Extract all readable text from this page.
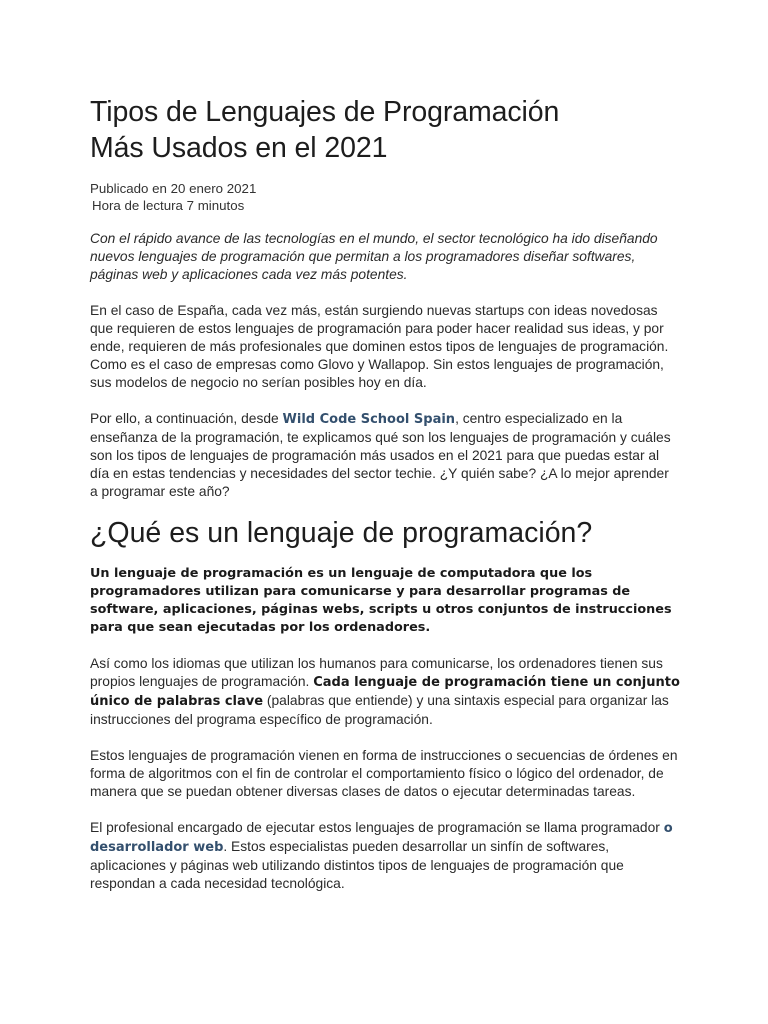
Tipos de Lenguajes de Programación
Más Usados en el 2021
Publicado en 20 enero 2021
Hora de lectura 7 minutos

Con el rápido avance de las tecnologías en el mundo, el sector tecnológico ha ido diseñando nuevos lenguajes de programación que permitan a los programadores diseñar softwares, páginas web y aplicaciones cada vez más potentes.

En el caso de España, cada vez más, están surgiendo nuevas startups con ideas novedosas que requieren de estos lenguajes de programación para poder hacer realidad sus ideas, y por ende, requieren de más profesionales que dominen estos tipos de lenguajes de programación. Como es el caso de empresas como Glovo y Wallapop. Sin estos lenguajes de programación, sus modelos de negocio no serían posibles hoy en día.

Por ello, a continuación, desde Wild Code School Spain, centro especializado en la enseñanza de la programación, te explicamos qué son los lenguajes de programación y cuáles son los tipos de lenguajes de programación más usados en el 2021 para que puedas estar al día en estas tendencias y necesidades del sector techie. ¿Y quién sabe? ¿A lo mejor aprender a programar este año?

¿Qué es un lenguaje de programación?

Un lenguaje de programación es un lenguaje de computadora que los programadores utilizan para comunicarse y para desarrollar programas de software, aplicaciones, páginas webs, scripts u otros conjuntos de instrucciones para que sean ejecutadas por los ordenadores.

Así como los idiomas que utilizan los humanos para comunicarse, los ordenadores tienen sus propios lenguajes de programación. Cada lenguaje de programación tiene un conjunto único de palabras clave (palabras que entiende) y una sintaxis especial para organizar las instrucciones del programa específico de programación.

Estos lenguajes de programación vienen en forma de instrucciones o secuencias de órdenes en forma de algoritmos con el fin de controlar el comportamiento físico o lógico del ordenador, de manera que se puedan obtener diversas clases de datos o ejecutar determinadas tareas.

El profesional encargado de ejecutar estos lenguajes de programación se llama programador o desarrollador web. Estos especialistas pueden desarrollar un sinfín de softwares, aplicaciones y páginas web utilizando distintos tipos de lenguajes de programación que respondan a cada necesidad tecnológica.
